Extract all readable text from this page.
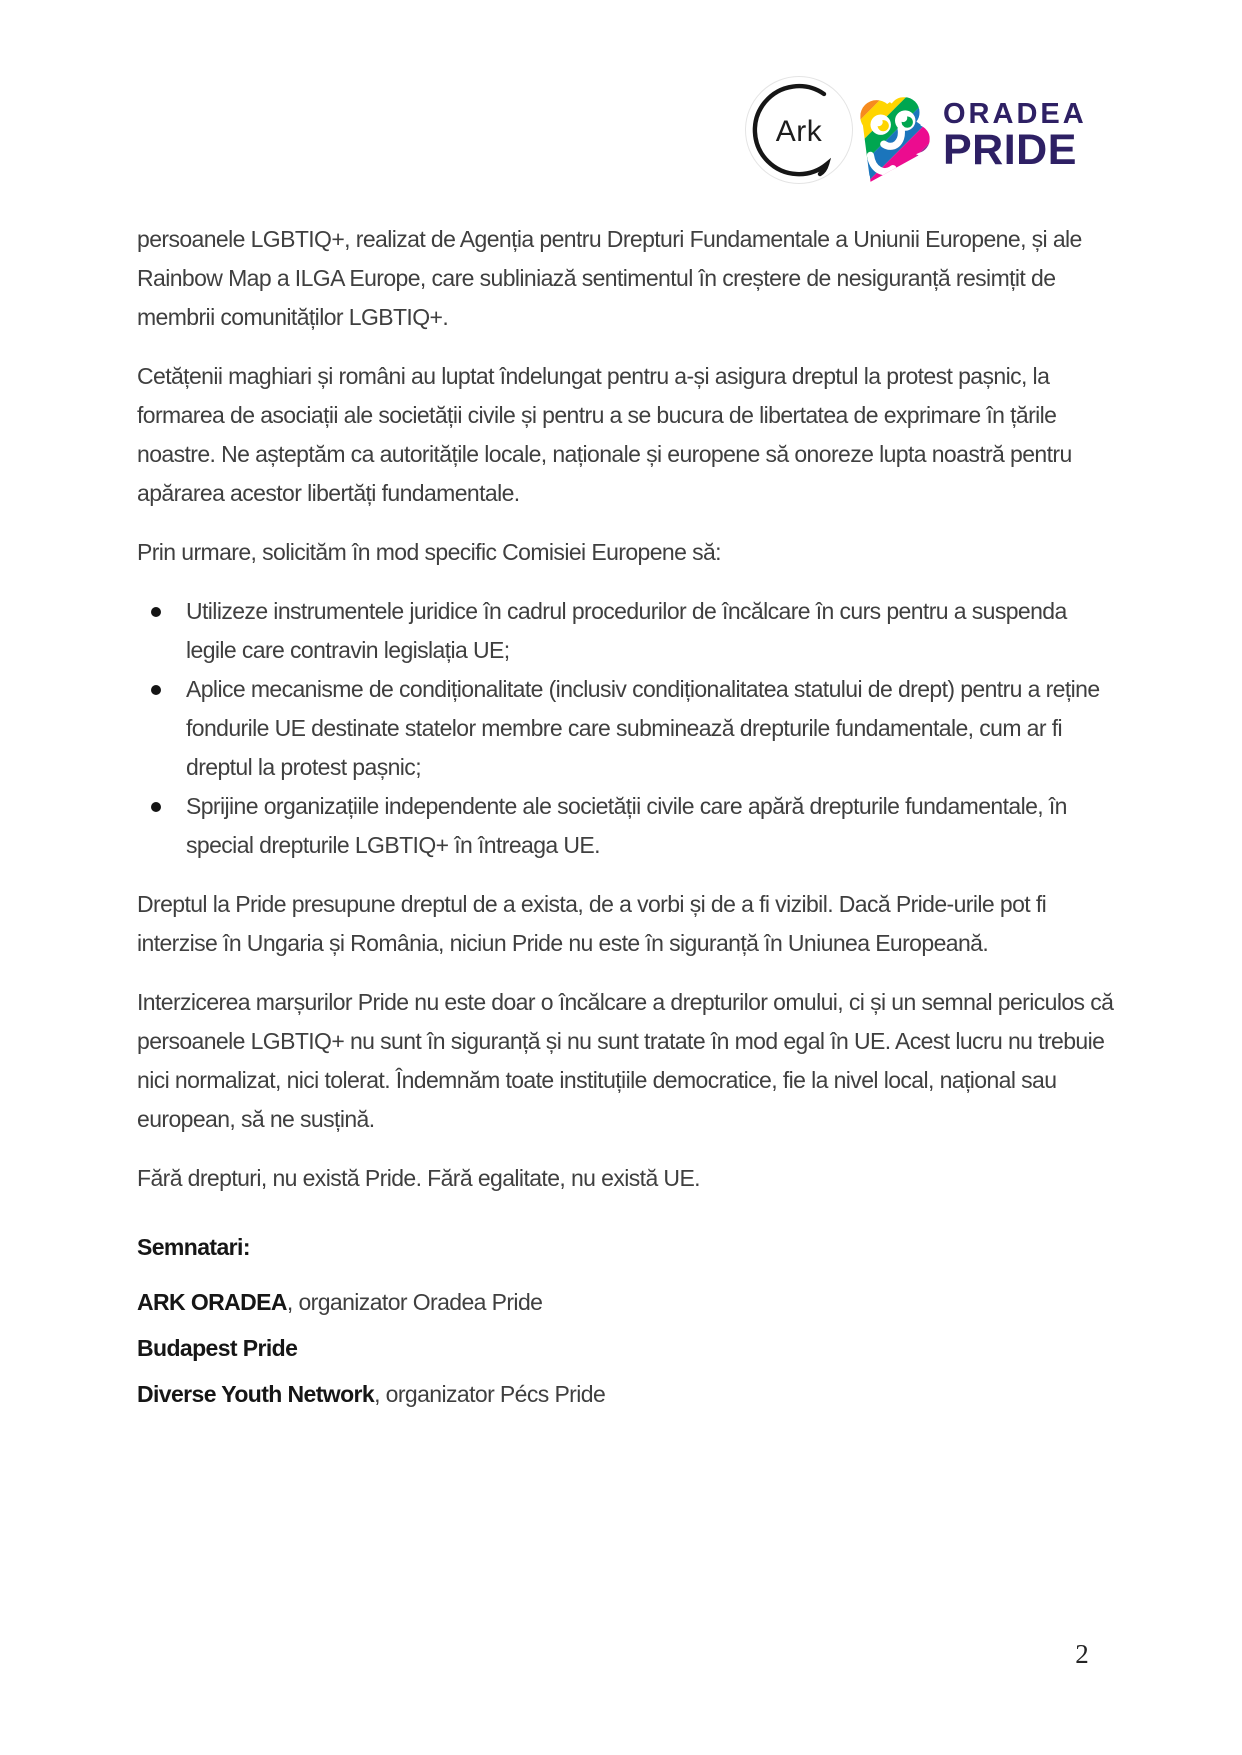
Ark
ORADEA
PRIDE

persoanele LGBTIQ+, realizat de Agenția pentru Drepturi Fundamentale a Uniunii Europene, și ale Rainbow Map a ILGA Europe, care subliniază sentimentul în creștere de nesiguranță resimțit de membrii comunităților LGBTIQ+.

Cetățenii maghiari și români au luptat îndelungat pentru a-și asigura dreptul la protest pașnic, la formarea de asociații ale societății civile și pentru a se bucura de libertatea de exprimare în țările noastre. Ne așteptăm ca autoritățile locale, naționale și europene să onoreze lupta noastră pentru apărarea acestor libertăți fundamentale.

Prin urmare, solicităm în mod specific Comisiei Europene să:

Utilizeze instrumentele juridice în cadrul procedurilor de încălcare în curs pentru a suspenda legile care contravin legislația UE;
Aplice mecanisme de condiționalitate (inclusiv condiționalitatea statului de drept) pentru a reține fondurile UE destinate statelor membre care subminează drepturile fundamentale, cum ar fi dreptul la protest pașnic;
Sprijine organizațiile independente ale societății civile care apără drepturile fundamentale, în special drepturile LGBTIQ+ în întreaga UE.

Dreptul la Pride presupune dreptul de a exista, de a vorbi și de a fi vizibil. Dacă Pride-urile pot fi interzise în Ungaria și România, niciun Pride nu este în siguranță în Uniunea Europeană.

Interzicerea marșurilor Pride nu este doar o încălcare a drepturilor omului, ci și un semnal periculos că persoanele LGBTIQ+ nu sunt în siguranță și nu sunt tratate în mod egal în UE. Acest lucru nu trebuie nici normalizat, nici tolerat. Îndemnăm toate instituțiile democratice, fie la nivel local, național sau european, să ne susțină.

Fără drepturi, nu există Pride. Fără egalitate, nu există UE.

Semnatari:

ARK ORADEA, organizator Oradea Pride
Budapest Pride
Diverse Youth Network, organizator Pécs Pride
2
